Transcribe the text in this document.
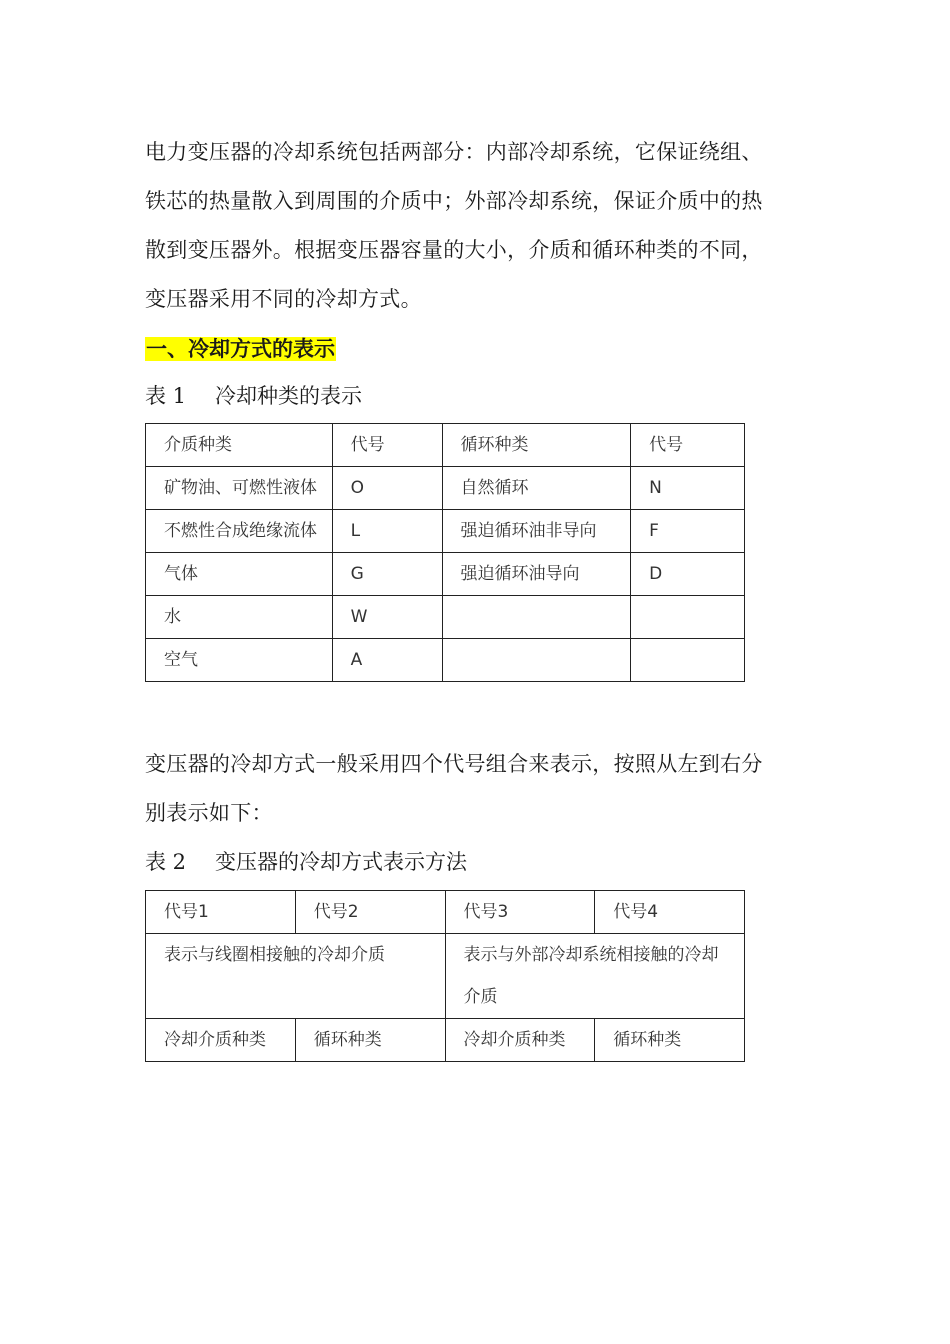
电力变压器的冷却系统包括两部分：内部冷却系统，它保证绕组、

铁芯的热量散入到周围的介质中；外部冷却系统，保证介质中的热

散到变压器外。根据变压器容量的大小，介质和循环种类的不同，

变压器采用不同的冷却方式。

一、冷却方式的表示

表 1 冷却种类的表示

介质种类	代号	循环种类	代号

矿物油、可燃性液体	O	自然循环	N

不燃性合成绝缘流体	L	强迫循环油非导向	F

气体	G	强迫循环油导向	D

水	W		

空气	A		

变压器的冷却方式一般采用四个代号组合来表示，按照从左到右分

别表示如下：

表 2 变压器的冷却方式表示方法

代号1	代号2	代号3	代号4

表示与线圈相接触的冷却介质		表示与外部冷却系统相接触的冷却介质	

冷却介质种类	循环种类	冷却介质种类	循环种类
